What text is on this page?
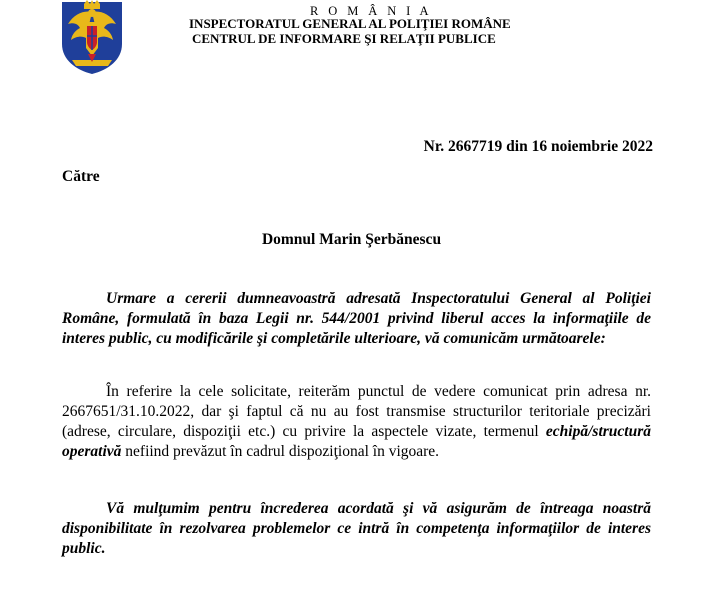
R O M Â N I A
INSPECTORATUL GENERAL AL POLIŢIEI ROMÂNE
CENTRUL DE INFORMARE ŞI RELAŢII PUBLICE
Nr. 2667719 din 16 noiembrie 2022
Către
Domnul Marin Şerbănescu
Urmare a cererii dumneavoastră adresată Inspectoratului General al Poliţiei Române, formulată în baza Legii nr. 544/2001 privind liberul acces la informaţiile de interes public, cu modificările şi completările ulterioare, vă comunicăm următoarele:
În referire la cele solicitate, reiterăm punctul de vedere comunicat prin adresa nr. 2667651/31.10.2022, dar şi faptul că nu au fost transmise structurilor teritoriale precizări (adrese, circulare, dispoziţii etc.) cu privire la aspectele vizate, termenul echipă/structură operativă nefiind prevăzut în cadrul dispoziţional în vigoare.
Vă mulţumim pentru încrederea acordată şi vă asigurăm de întreaga noastră disponibilitate în rezolvarea problemelor ce intră în competenţa informaţiilor de interes public.
